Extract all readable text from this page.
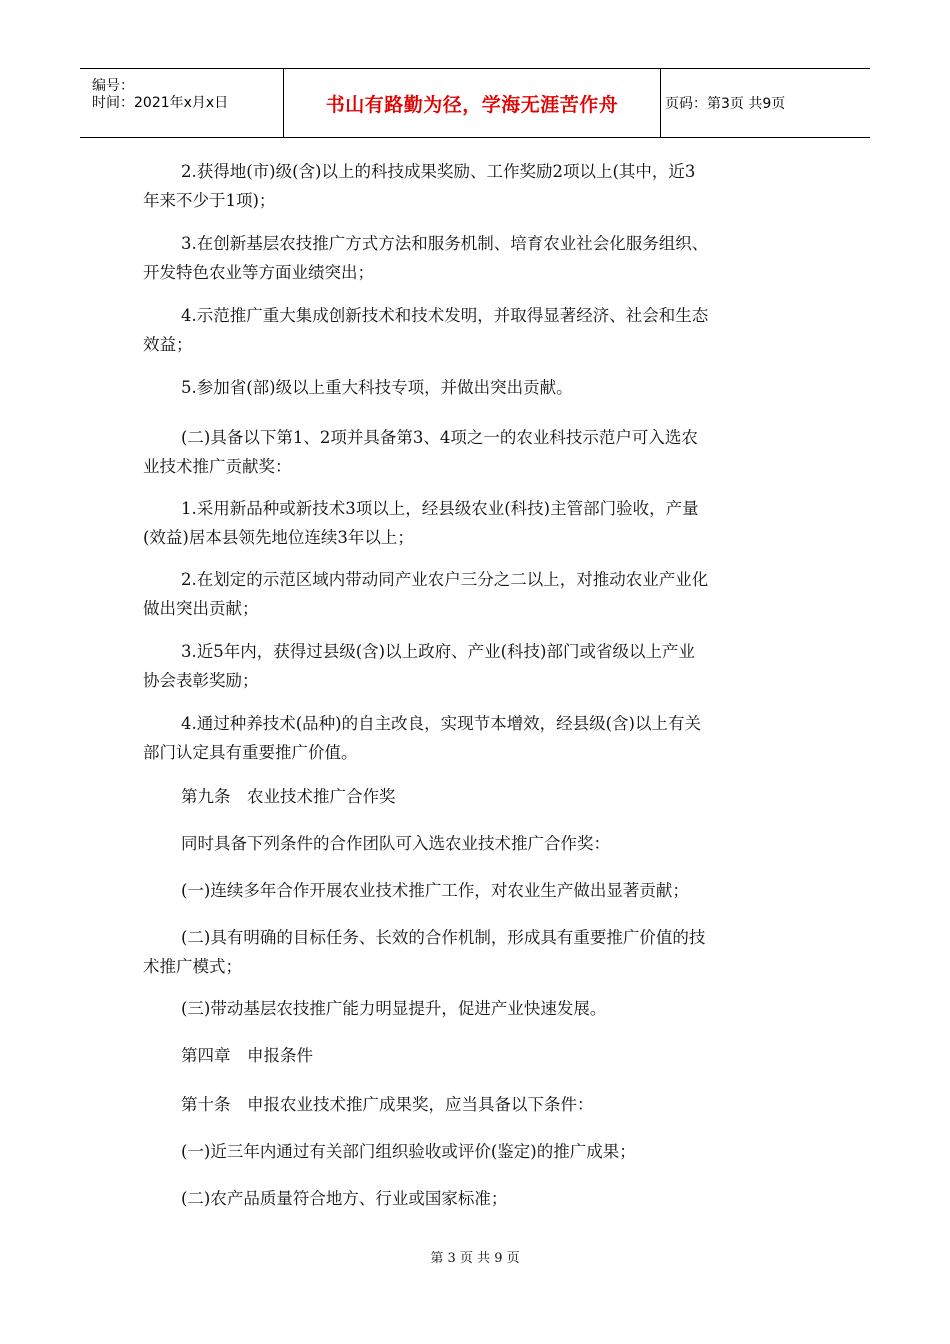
编号：
时间：2021年x月x日	书山有路勤为径，学海无涯苦作舟	页码：第3页 共9页

2.获得地(市)级(含)以上的科技成果奖励、工作奖励2项以上(其中，近3
年来不少于1项)；

3.在创新基层农技推广方式方法和服务机制、培育农业社会化服务组织、
开发特色农业等方面业绩突出；

4.示范推广重大集成创新技术和技术发明，并取得显著经济、社会和生态
效益；

5.参加省(部)级以上重大科技专项，并做出突出贡献。

(二)具备以下第1、2项并具备第3、4项之一的农业科技示范户可入选农
业技术推广贡献奖：

1.采用新品种或新技术3项以上，经县级农业(科技)主管部门验收，产量
(效益)居本县领先地位连续3年以上；

2.在划定的示范区域内带动同产业农户三分之二以上，对推动农业产业化
做出突出贡献；

3.近5年内，获得过县级(含)以上政府、产业(科技)部门或省级以上产业
协会表彰奖励；

4.通过种养技术(品种)的自主改良，实现节本增效，经县级(含)以上有关
部门认定具有重要推广价值。

第九条　农业技术推广合作奖

同时具备下列条件的合作团队可入选农业技术推广合作奖：

(一)连续多年合作开展农业技术推广工作，对农业生产做出显著贡献；

(二)具有明确的目标任务、长效的合作机制，形成具有重要推广价值的技
术推广模式；

(三)带动基层农技推广能力明显提升，促进产业快速发展。

第四章　申报条件

第十条　申报农业技术推广成果奖，应当具备以下条件：

(一)近三年内通过有关部门组织验收或评价(鉴定)的推广成果；

(二)农产品质量符合地方、行业或国家标准；

第 3 页 共 9 页
